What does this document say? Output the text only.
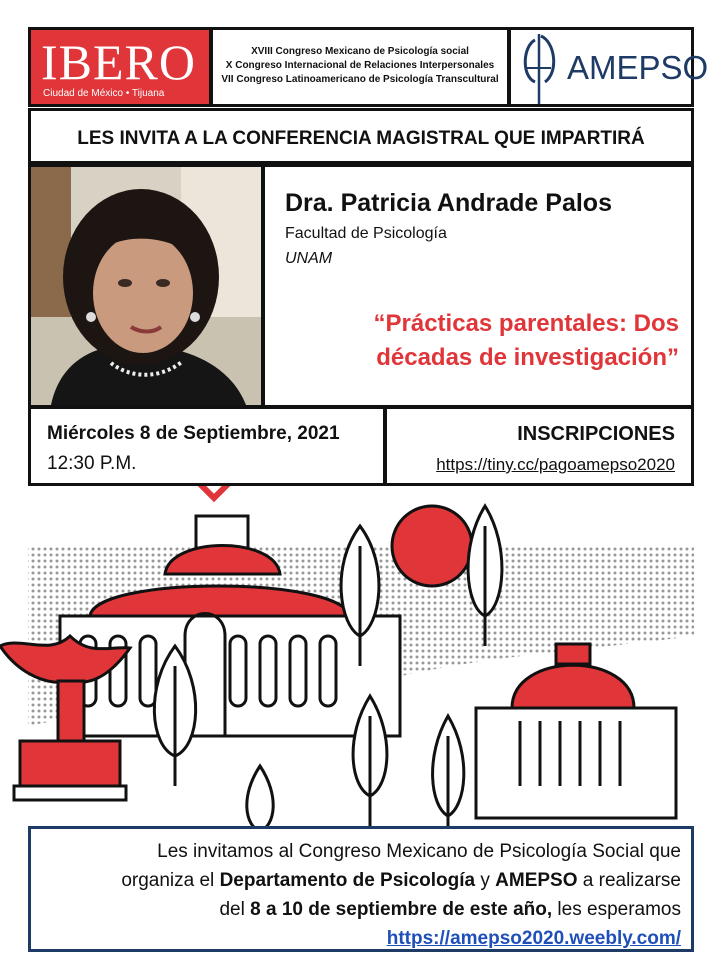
IBERO
Ciudad de México • Tijuana
XVIII Congreso Mexicano de Psicología social
X Congreso Internacional de Relaciones Interpersonales
VII Congreso Latinoamericano de Psicología Transcultural AMEPSO
LES INVITA A LA CONFERENCIA MAGISTRAL QUE IMPARTIRÁ
Dra. Patricia Andrade Palos
Facultad de Psicología
UNAM
“Prácticas parentales: Dos
décadas de investigación”
Miércoles 8 de Septiembre, 2021
12:30 P.M.
INSCRIPCIONES
https://tiny.cc/pagoamepso2020
Les invitamos al Congreso Mexicano de Psicología Social que
organiza el Departamento de Psicología y AMEPSO a realizarse
del 8 a 10 de septiembre de este año, les esperamos
https://amepso2020.weebly.com/
